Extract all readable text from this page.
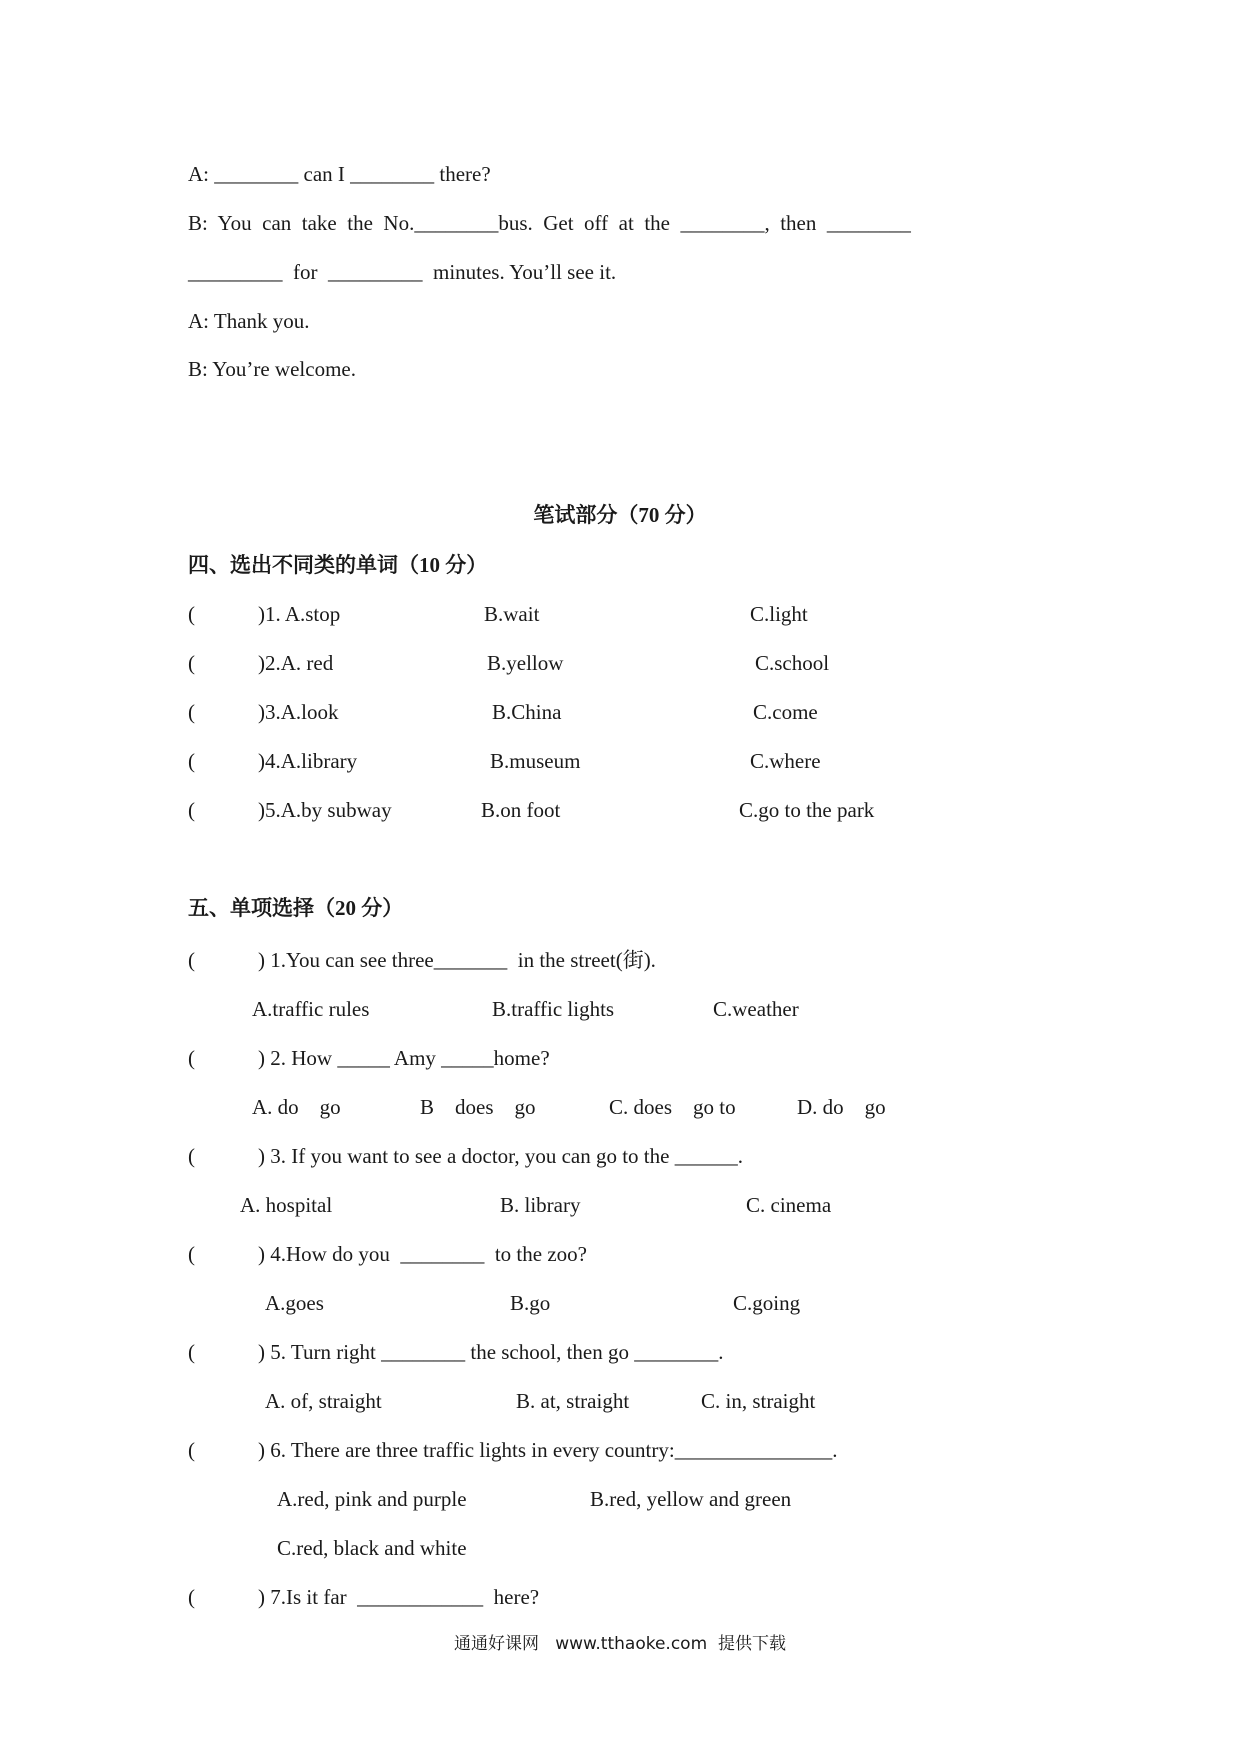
A: ________ can I ________ there?
B:  You  can  take  the  No.________bus.  Get  off  at  the  ________,  then  ________
_________  for  _________  minutes. You’ll see it.
A: Thank you.
B: You’re welcome.
笔试部分（70 分）
四、选出不同类的单词（10 分）
(	)1. A.stop	B.wait	C.light
(	)2.A. red	B.yellow	C.school
(	)3.A.look	B.China	C.come
(	)4.A.library	B.museum	C.where
(	)5.A.by subway	B.on foot	C.go to the park
五、单项选择（20 分）
(	) 1.You can see three_______  in the street(街).
A.traffic rules	B.traffic lights	C.weather
(	) 2. How _____ Amy _____home?
A. do    go	B    does    go	C. does    go to	D. do    go
(	) 3. If you want to see a doctor, you can go to the ______.
A. hospital	B. library	C. cinema
(	) 4.How do you  ________  to the zoo?
A.goes	B.go	C.going
(	) 5. Turn right ________ the school, then go ________.
A. of, straight	B. at, straight	C. in, straight
(	) 6. There are three traffic lights in every country:_______________.
A.red, pink and purple	B.red, yellow and green
C.red, black and white
(	) 7.Is it far  ____________  here?
通通好课网   www.tthaoke.com  提供下载
